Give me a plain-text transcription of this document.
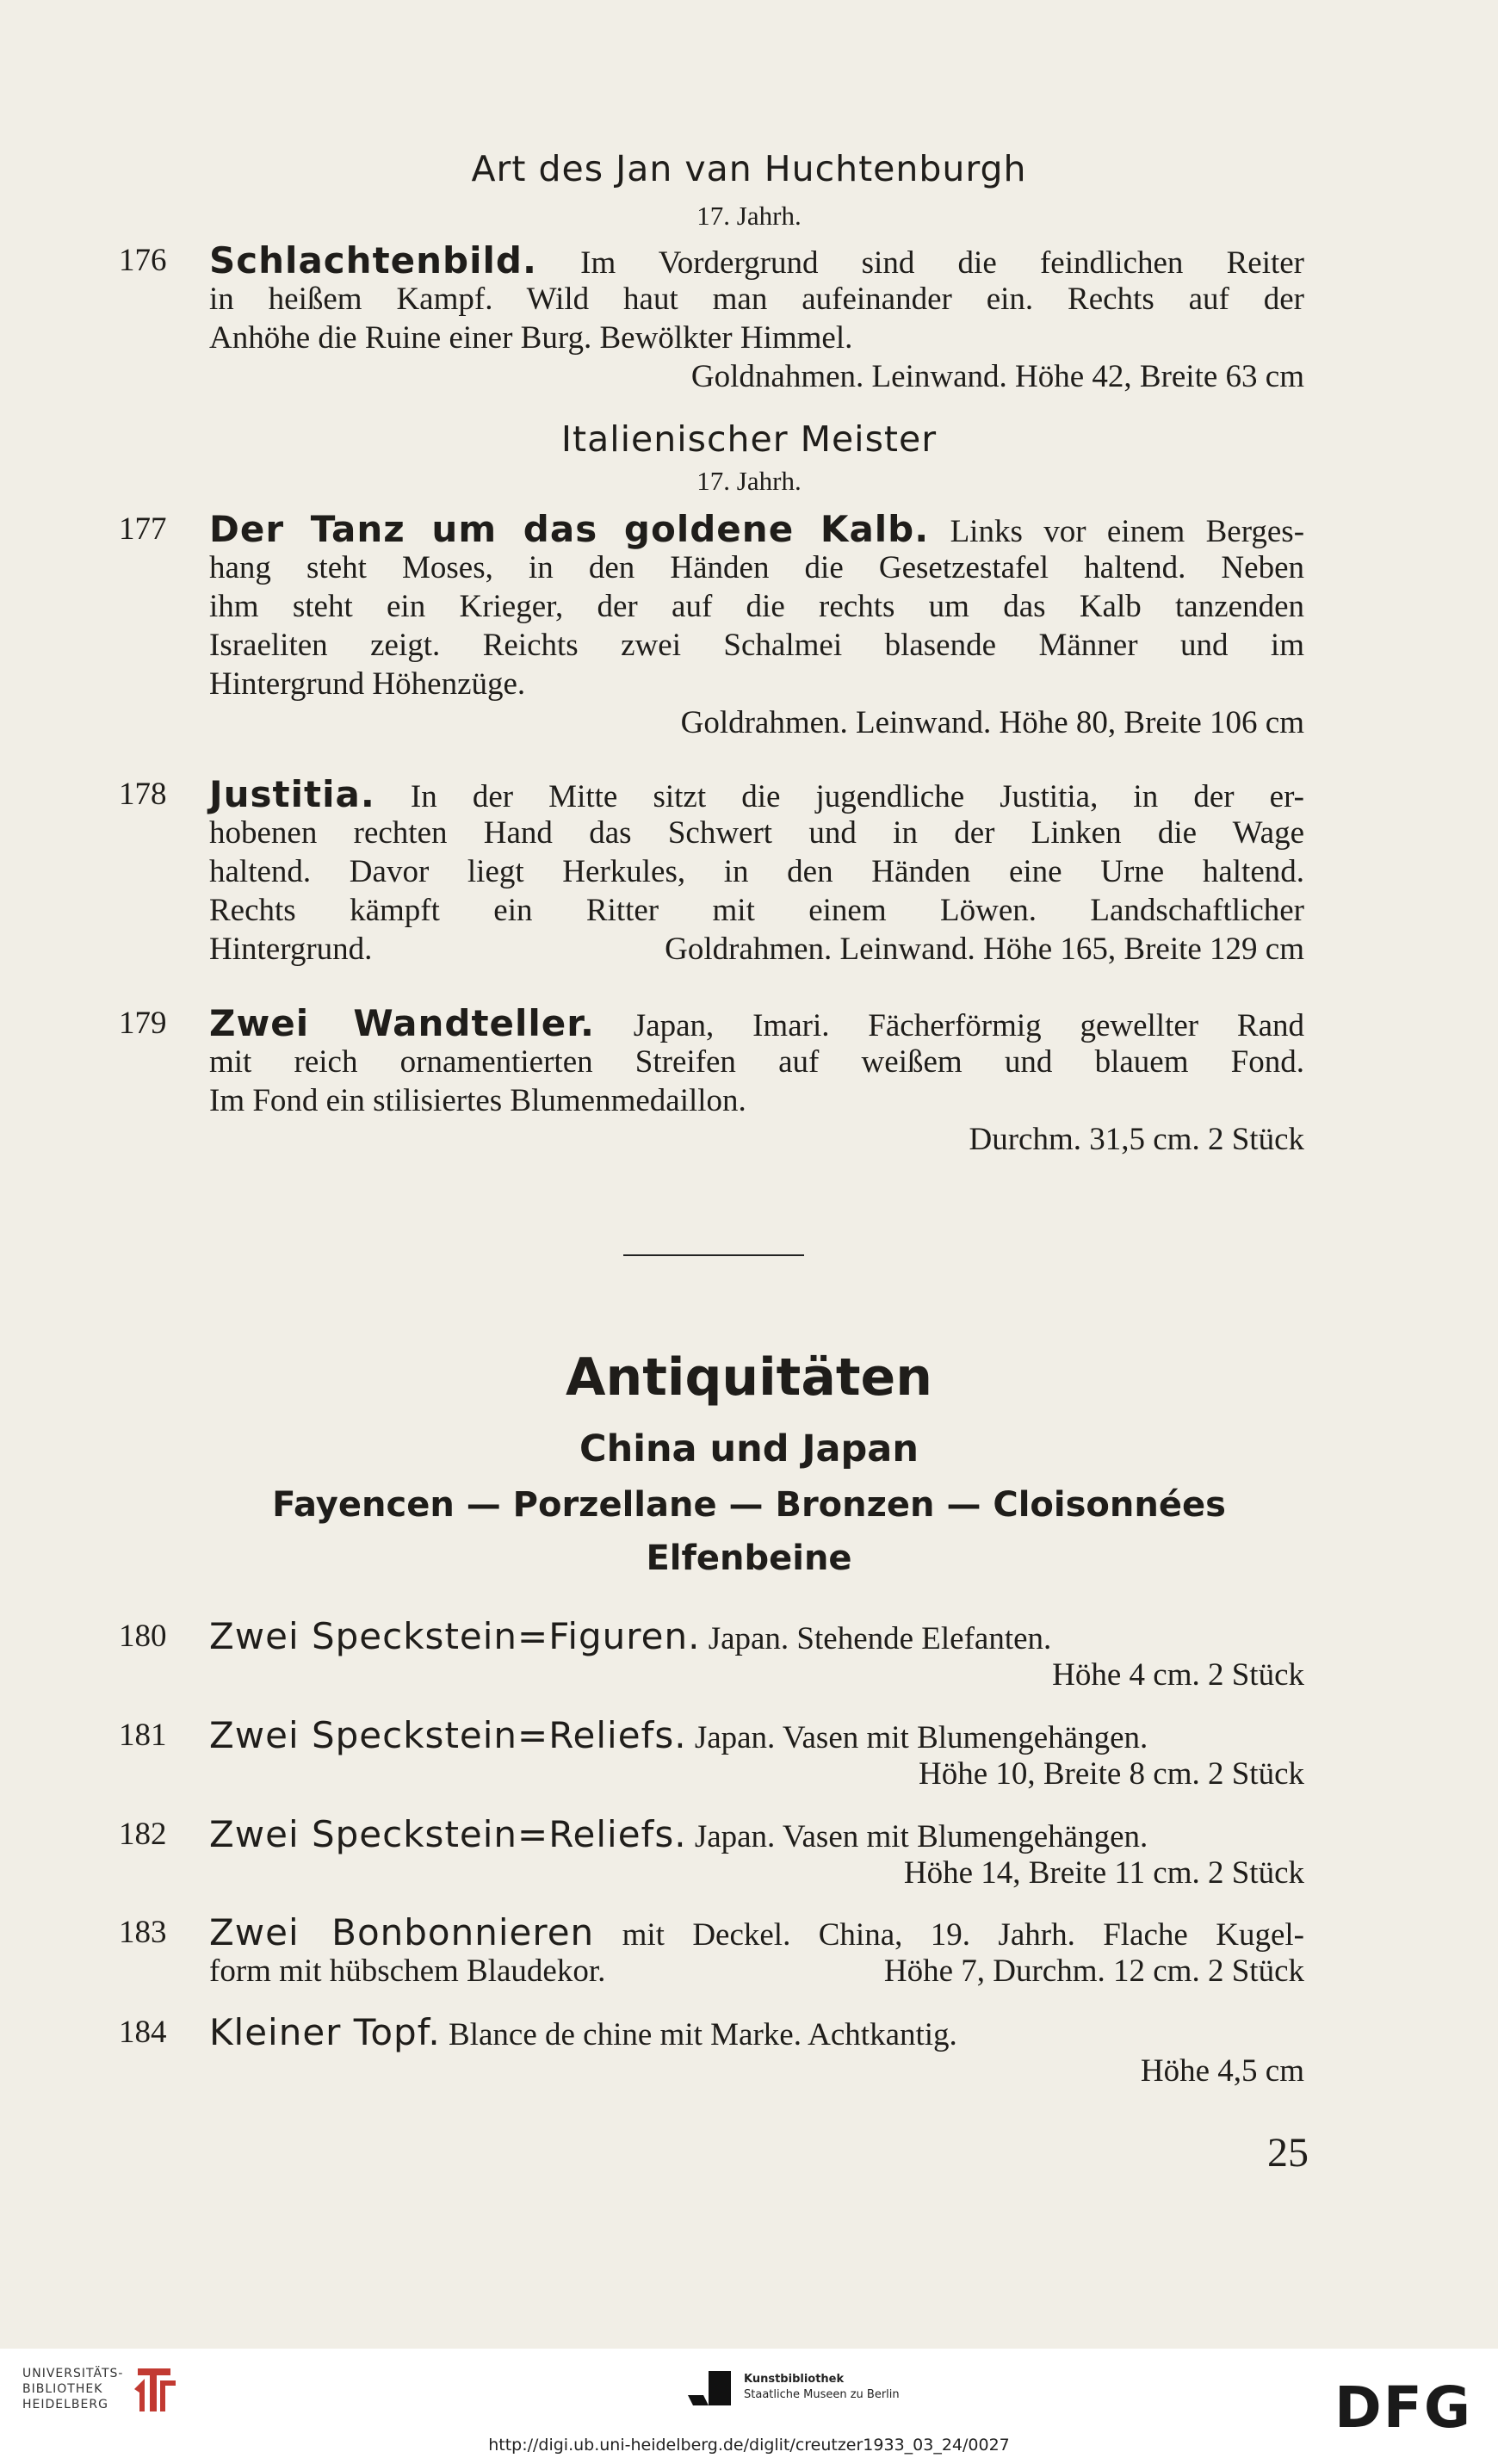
Art des Jan van Huchtenburgh
17. Jahrh.
176	Schlachtenbild. Im Vordergrund sind die feindlichen Reiter
in heißem Kampf. Wild haut man aufeinander ein. Rechts auf der
Anhöhe die Ruine einer Burg. Bewölkter Himmel.
Goldnahmen. Leinwand. Höhe 42, Breite 63 cm
Italienischer Meister
17. Jahrh.
177	Der Tanz um das goldene Kalb. Links vor einem Berges-
hang steht Moses, in den Händen die Gesetzestafel haltend. Neben
ihm steht ein Krieger, der auf die rechts um das Kalb tanzenden
Israeliten zeigt. Reichts zwei Schalmei blasende Männer und im
Hintergrund Höhenzüge.
Goldrahmen. Leinwand. Höhe 80, Breite 106 cm
178	Justitia. In der Mitte sitzt die jugendliche Justitia, in der er-
hobenen rechten Hand das Schwert und in der Linken die Wage
haltend. Davor liegt Herkules, in den Händen eine Urne haltend.
Rechts kämpft ein Ritter mit einem Löwen. Landschaftlicher
Hintergrund.	Goldrahmen. Leinwand. Höhe 165, Breite 129 cm
179	Zwei Wandteller. Japan, Imari. Fächerförmig gewellter Rand
mit reich ornamentierten Streifen auf weißem und blauem Fond.
Im Fond ein stilisiertes Blumenmedaillon.
Durchm. 31,5 cm. 2 Stück
Antiquitäten
China und Japan
Fayencen — Porzellane — Bronzen — Cloisonnées
Elfenbeine
180	Zwei Speckstein=Figuren. Japan. Stehende Elefanten.
Höhe 4 cm. 2 Stück
181	Zwei Speckstein=Reliefs. Japan. Vasen mit Blumengehängen.
Höhe 10, Breite 8 cm. 2 Stück
182	Zwei Speckstein=Reliefs. Japan. Vasen mit Blumengehängen.
Höhe 14, Breite 11 cm. 2 Stück
183	Zwei Bonbonnieren mit Deckel. China, 19. Jahrh. Flache Kugel-
form mit hübschem Blaudekor.	Höhe 7, Durchm. 12 cm. 2 Stück
184	Kleiner Topf. Blance de chine mit Marke. Achtkantig.
Höhe 4,5 cm
25
UNIVERSITÄTS-
BIBLIOTHEK
HEIDELBERG
Kunstbibliothek
Staatliche Museen zu Berlin	DFG
http://digi.ub.uni-heidelberg.de/diglit/creutzer1933_03_24/0027
